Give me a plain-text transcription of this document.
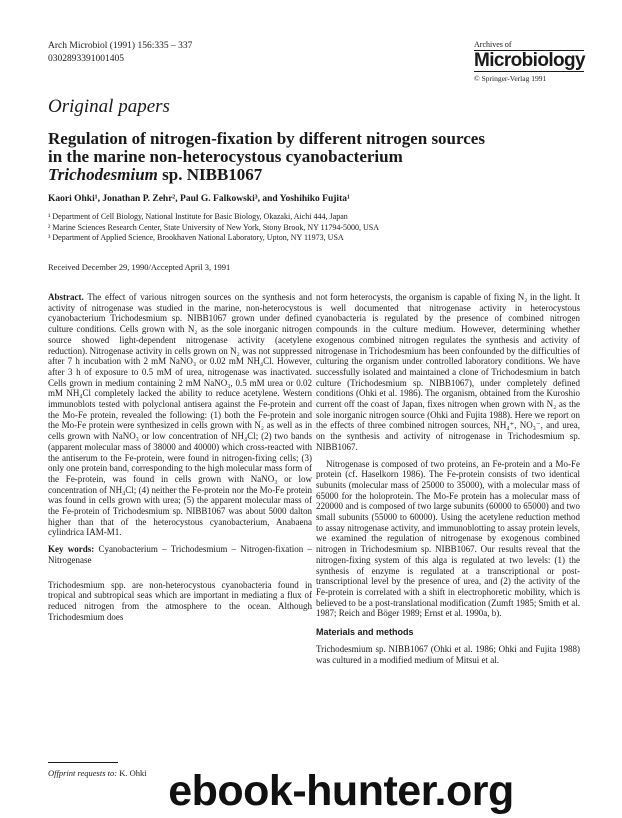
Arch Microbiol (1991) 156:335 – 337
0302893391001405
Archives of
Microbiology
© Springer-Verlag 1991
Original papers
Regulation of nitrogen-fixation by different nitrogen sources
in the marine non-heterocystous cyanobacterium
Trichodesmium sp. NIBB1067
Kaori Ohki¹, Jonathan P. Zehr², Paul G. Falkowski³, and Yoshihiko Fujita¹
¹ Department of Cell Biology, National Institute for Basic Biology, Okazaki, Aichi 444, Japan
² Marine Sciences Research Center, State University of New York, Stony Brook, NY 11794-5000, USA
³ Department of Applied Science, Brookhaven National Laboratory, Upton, NY 11973, USA
Received December 29, 1990/Accepted April 3, 1991

Abstract. The effect of various nitrogen sources on the synthesis and activity of nitrogenase was studied in the marine, non-heterocystous cyanobacterium Trichodesmium sp. NIBB1067 grown under defined culture conditions. Cells grown with N₂ as the sole inorganic nitrogen source showed light-dependent nitrogenase activity (acetylene reduction). Nitrogenase activity in cells grown on N₂ was not suppressed after 7 h incubation with 2 mM NaNO₃ or 0.02 mM NH₄Cl. However, after 3 h of exposure to 0.5 mM of urea, nitrogenase was inactivated. Cells grown in medium containing 2 mM NaNO₃, 0.5 mM urea or 0.02 mM NH₄Cl completely lacked the ability to reduce acetylene. Western immunoblots tested with polyclonal antisera against the Fe-protein and the Mo-Fe protein, revealed the following: (1) both the Fe-protein and the Mo-Fe protein were synthesized in cells grown with N₂ as well as in cells grown with NaNO₃ or low concentration of NH₄Cl; (2) two bands (apparent molecular mass of 38000 and 40000) which cross-reacted with the antiserum to the Fe-protein, were found in nitrogen-fixing cells; (3) only one protein band, corresponding to the high molecular mass form of the Fe-protein, was found in cells grown with NaNO₃ or low concentration of NH₄Cl; (4) neither the Fe-protein nor the Mo-Fe protein was found in cells grown with urea; (5) the apparent molecular mass of the Fe-protein of Trichodesmium sp. NIBB1067 was about 5000 dalton higher than that of the heterocystous cyanobacterium, Anabaena cylindrica IAM-M1.

Key words: Cyanobacterium – Trichodesmium – Nitrogen-fixation – Nitrogenase

Trichodesmium spp. are non-heterocystous cyanobacteria found in tropical and subtropical seas which are important in mediating a flux of reduced nitrogen from the atmosphere to the ocean. Although Trichodesmium does

not form heterocysts, the organism is capable of fixing N₂ in the light. It is well documented that nitrogenase activity in heterocystous cyanobacteria is regulated by the presence of combined nitrogen compounds in the culture medium. However, determining whether exogenous combined nitrogen regulates the synthesis and activity of nitrogenase in Trichodesmium has been confounded by the difficulties of culturing the organism under controlled laboratory conditions. We have successfully isolated and maintained a clone of Trichodesmium in batch culture (Trichodesmium sp. NIBB1067), under completely defined conditions (Ohki et al. 1986). The organism, obtained from the Kuroshio current off the coast of Japan, fixes nitrogen when grown with N₂ as the sole inorganic nitrogen source (Ohki and Fujita 1988). Here we report on the effects of three combined nitrogen sources, NH₄⁺, NO₃⁻, and urea, on the synthesis and activity of nitrogenase in Trichodesmium sp. NIBB1067.

Nitrogenase is composed of two proteins, an Fe-protein and a Mo-Fe protein (cf. Haselkorn 1986). The Fe-protein consists of two identical subunits (molecular mass of 25000 to 35000), with a molecular mass of 65000 for the holoprotein. The Mo-Fe protein has a molecular mass of 220000 and is composed of two large subunits (60000 to 65000) and two small subunits (55000 to 60000). Using the acetylene reduction method to assay nitrogenase activity, and immunoblotting to assay protein levels, we examined the regulation of nitrogenase by exogenous combined nitrogen in Trichodesmium sp. NIBB1067. Our results reveal that the nitrogen-fixing system of this alga is regulated at two levels: (1) the synthesis of enzyme is regulated at a transcriptional or post-transcriptional level by the presence of urea, and (2) the activity of the Fe-protein is correlated with a shift in electrophoretic mobility, which is believed to be a post-translational modification (Zumft 1985; Smith et al. 1987; Reich and Böger 1989; Ernst et al. 1990a, b).

Materials and methods

Trichodesmium sp. NIBB1067 (Ohki et al. 1986; Ohki and Fujita 1988) was cultured in a modified medium of Mitsui et al.

Offprint requests to: K. Ohki ebook-hunter.org
